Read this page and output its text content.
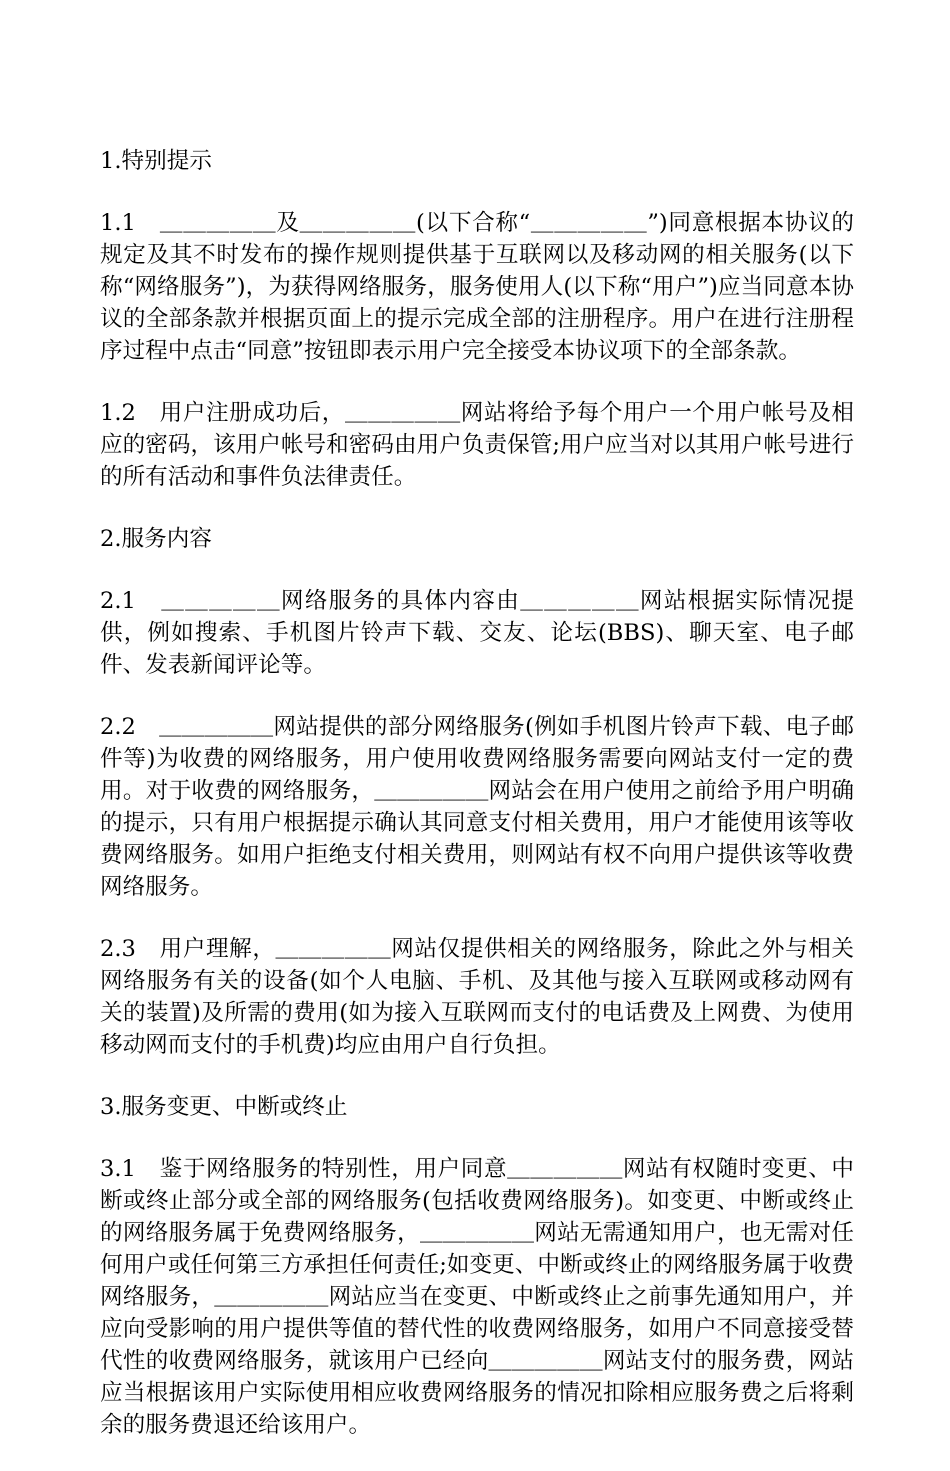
1.特别提示
1.1　＿＿＿＿＿及＿＿＿＿＿(以下合称“＿＿＿＿＿”)同意根据本协议的规定及其不时发布的操作规则提供基于互联网以及移动网的相关服务(以下称“网络服务”)，为获得网络服务，服务使用人(以下称“用户”)应当同意本协议的全部条款并根据页面上的提示完成全部的注册程序。用户在进行注册程序过程中点击“同意”按钮即表示用户完全接受本协议项下的全部条款。
1.2　用户注册成功后，＿＿＿＿＿网站将给予每个用户一个用户帐号及相应的密码，该用户帐号和密码由用户负责保管;用户应当对以其用户帐号进行的所有活动和事件负法律责任。
2.服务内容
2.1　＿＿＿＿＿网络服务的具体内容由＿＿＿＿＿网站根据实际情况提供，例如搜索、手机图片铃声下载、交友、论坛(BBS)、聊天室、电子邮件、发表新闻评论等。
2.2　＿＿＿＿＿网站提供的部分网络服务(例如手机图片铃声下载、电子邮件等)为收费的网络服务，用户使用收费网络服务需要向网站支付一定的费用。对于收费的网络服务，＿＿＿＿＿网站会在用户使用之前给予用户明确的提示，只有用户根据提示确认其同意支付相关费用，用户才能使用该等收费网络服务。如用户拒绝支付相关费用，则网站有权不向用户提供该等收费网络服务。
2.3　用户理解，＿＿＿＿＿网站仅提供相关的网络服务，除此之外与相关网络服务有关的设备(如个人电脑、手机、及其他与接入互联网或移动网有关的装置)及所需的费用(如为接入互联网而支付的电话费及上网费、为使用移动网而支付的手机费)均应由用户自行负担。
3.服务变更、中断或终止
3.1　鉴于网络服务的特别性，用户同意＿＿＿＿＿网站有权随时变更、中断或终止部分或全部的网络服务(包括收费网络服务)。如变更、中断或终止的网络服务属于免费网络服务，＿＿＿＿＿网站无需通知用户，也无需对任何用户或任何第三方承担任何责任;如变更、中断或终止的网络服务属于收费网络服务，＿＿＿＿＿网站应当在变更、中断或终止之前事先通知用户，并应向受影响的用户提供等值的替代性的收费网络服务，如用户不同意接受替代性的收费网络服务，就该用户已经向＿＿＿＿＿网站支付的服务费，网站应当根据该用户实际使用相应收费网络服务的情况扣除相应服务费之后将剩余的服务费退还给该用户。
